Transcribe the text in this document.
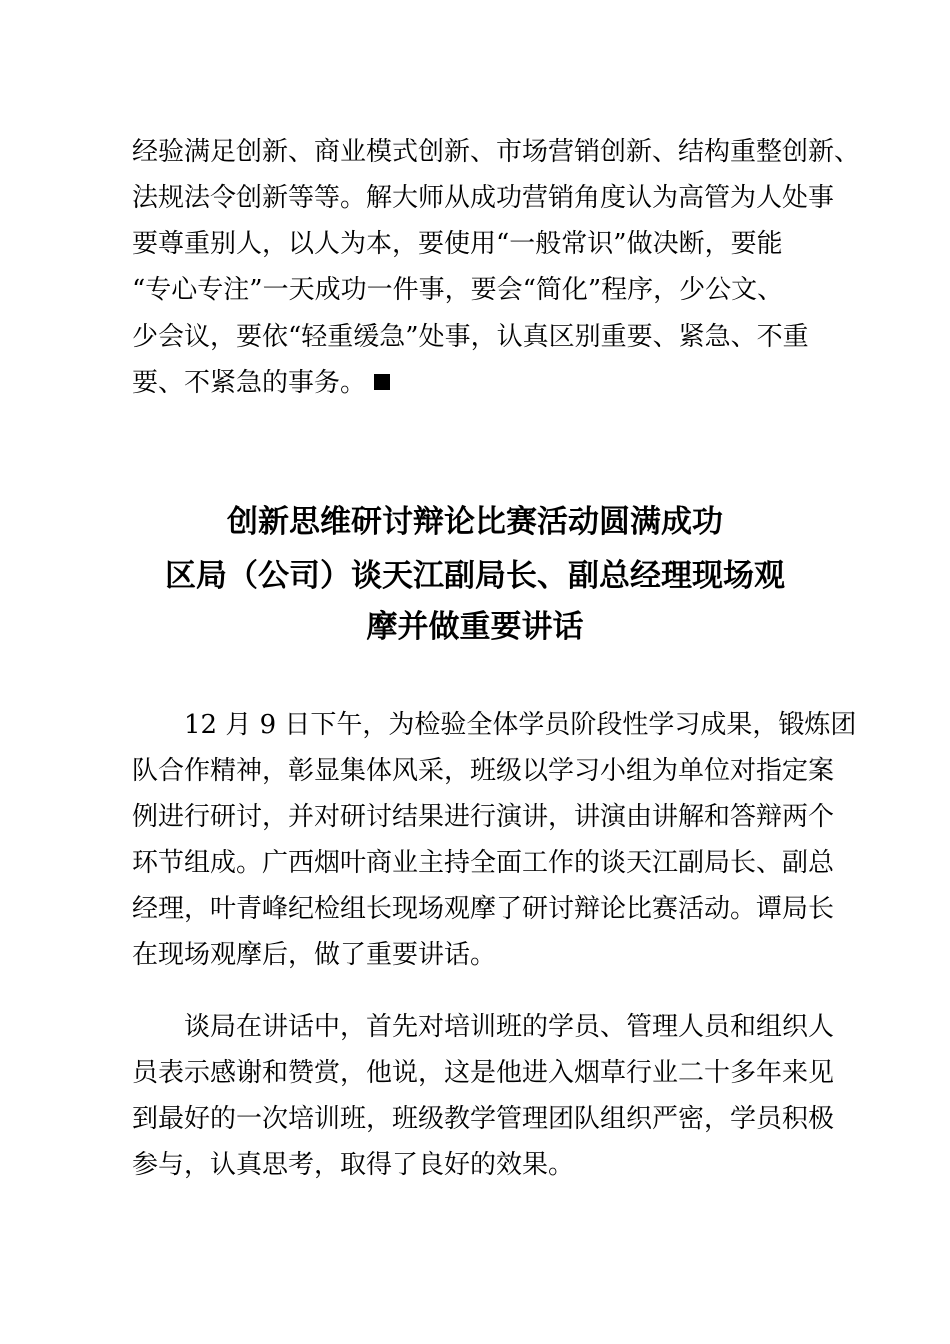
经验满足创新、商业模式创新、市场营销创新、结构重整创新、
法规法令创新等等。解大师从成功营销角度认为高管为人处事
要尊重别人，以人为本，要使用“一般常识”做决断，要能
“专心专注”一天成功一件事，要会“简化”程序，少公文、
少会议，要依“轻重缓急”处事，认真区别重要、紧急、不重
要、不紧急的事务。
创新思维研讨辩论比赛活动圆满成功
区局（公司）谈天江副局长、副总经理现场观
摩并做重要讲话
12 月 9 日下午，为检验全体学员阶段性学习成果，锻炼团
队合作精神，彰显集体风采，班级以学习小组为单位对指定案
例进行研讨，并对研讨结果进行演讲，讲演由讲解和答辩两个
环节组成。广西烟叶商业主持全面工作的谈天江副局长、副总
经理，叶青峰纪检组长现场观摩了研讨辩论比赛活动。谭局长
在现场观摩后，做了重要讲话。
谈局在讲话中，首先对培训班的学员、管理人员和组织人
员表示感谢和赞赏，他说，这是他进入烟草行业二十多年来见
到最好的一次培训班，班级教学管理团队组织严密，学员积极
参与，认真思考，取得了良好的效果。
